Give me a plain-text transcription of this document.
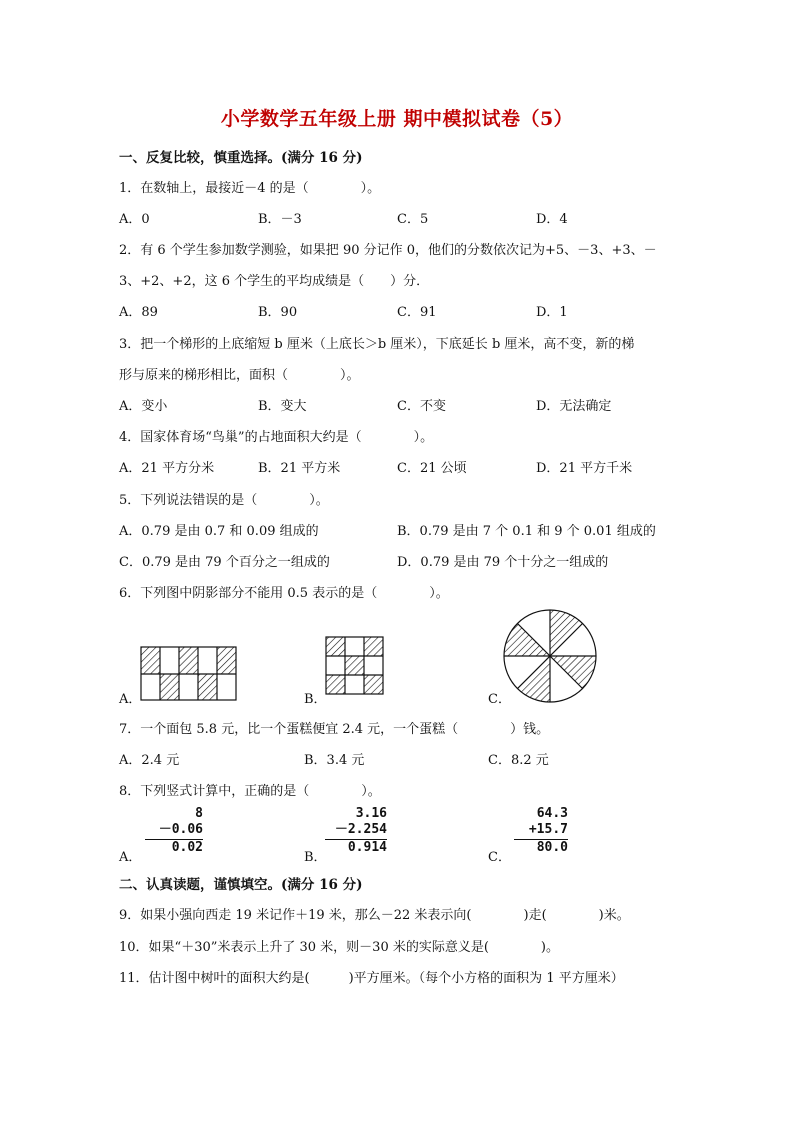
小学数学五年级上册 期中模拟试卷（5）
一、反复比较，慎重选择。(满分 16 分)
1．在数轴上，最接近－4 的是（　　　　）。
A．0	B．－3	C．5	D．4
2．有 6 个学生参加数学测验，如果把 90 分记作 0，他们的分数依次记为+5、－3、+3、－
3、+2、+2，这 6 个学生的平均成绩是（　　）分．
A．89	B．90	C．91	D．1
3．把一个梯形的上底缩短 b 厘米（上底长＞b 厘米），下底延长 b 厘米，高不变，新的梯
形与原来的梯形相比，面积（　　　　）。
A．变小	B．变大	C．不变	D．无法确定
4．国家体育场“鸟巢”的占地面积大约是（　　　　）。
A．21 平方分米	B．21 平方米	C．21 公顷	D．21 平方千米
5．下列说法错误的是（　　　　）。
A．0.79 是由 0.7 和 0.09 组成的	B．0.79 是由 7 个 0.1 和 9 个 0.01 组成的
C．0.79 是由 79 个百分之一组成的	D．0.79 是由 79 个十分之一组成的
6．下列图中阴影部分不能用 0.5 表示的是（　　　　）。
A．	B．	C．
7．一个面包 5.8 元，比一个蛋糕便宜 2.4 元，一个蛋糕（　　　　）钱。
A．2.4 元	B．3.4 元	C．8.2 元
8．下列竖式计算中，正确的是（　　　　）。
8
－0.06
0.02
3.16
－2.254
0.914
64.3
+15.7
80.0
A．	B．	C．
二、认真读题，谨慎填空。(满分 16 分)
9．如果小强向西走 19 米记作＋19 米，那么－22 米表示向(　　　　)走(　　　　)米。
10．如果“＋30”米表示上升了 30 米，则－30 米的实际意义是(　　　　)。
11．估计图中树叶的面积大约是(　　　)平方厘米。（每个小方格的面积为 1 平方厘米）
